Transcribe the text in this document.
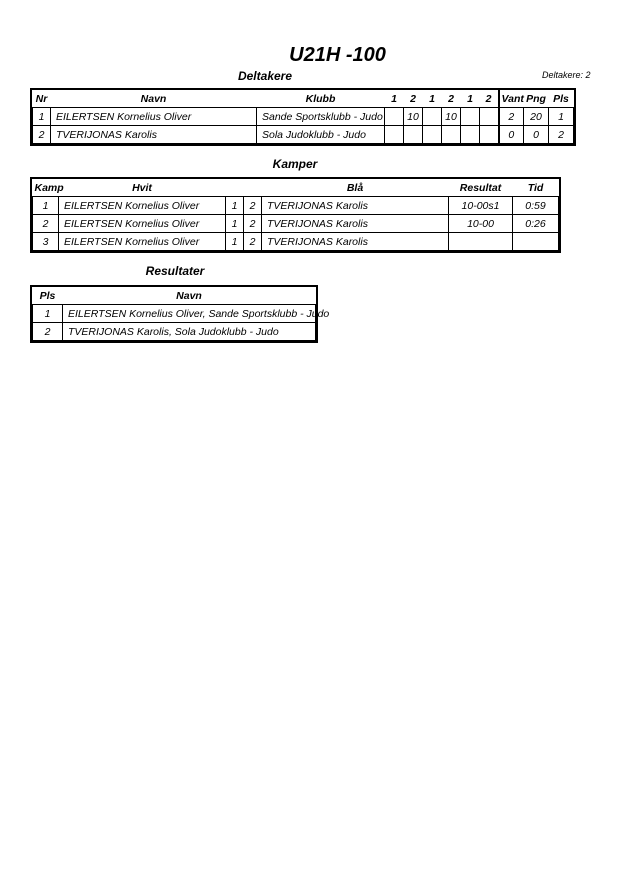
U21H -100
Deltakere	Deltakere: 2
Nr	Navn	Klubb	1	2	1	2	1	2	Vant	Png	Pls
1	EILERTSEN Kornelius Oliver	Sande Sportsklubb - Judo		10		10			2	20	1
2	TVERIJONAS Karolis	Sola Judoklubb - Judo							0	0	2
Kamper
Kamp	Hvit			Blå	Resultat	Tid
1	EILERTSEN Kornelius Oliver	1	2	TVERIJONAS Karolis	10-00s1	0:59
2	EILERTSEN Kornelius Oliver	1	2	TVERIJONAS Karolis	10-00	0:26
3	EILERTSEN Kornelius Oliver	1	2	TVERIJONAS Karolis		
Resultater
Pls	Navn
1	EILERTSEN Kornelius Oliver, Sande Sportsklubb - Judo
2	TVERIJONAS Karolis, Sola Judoklubb - Judo
